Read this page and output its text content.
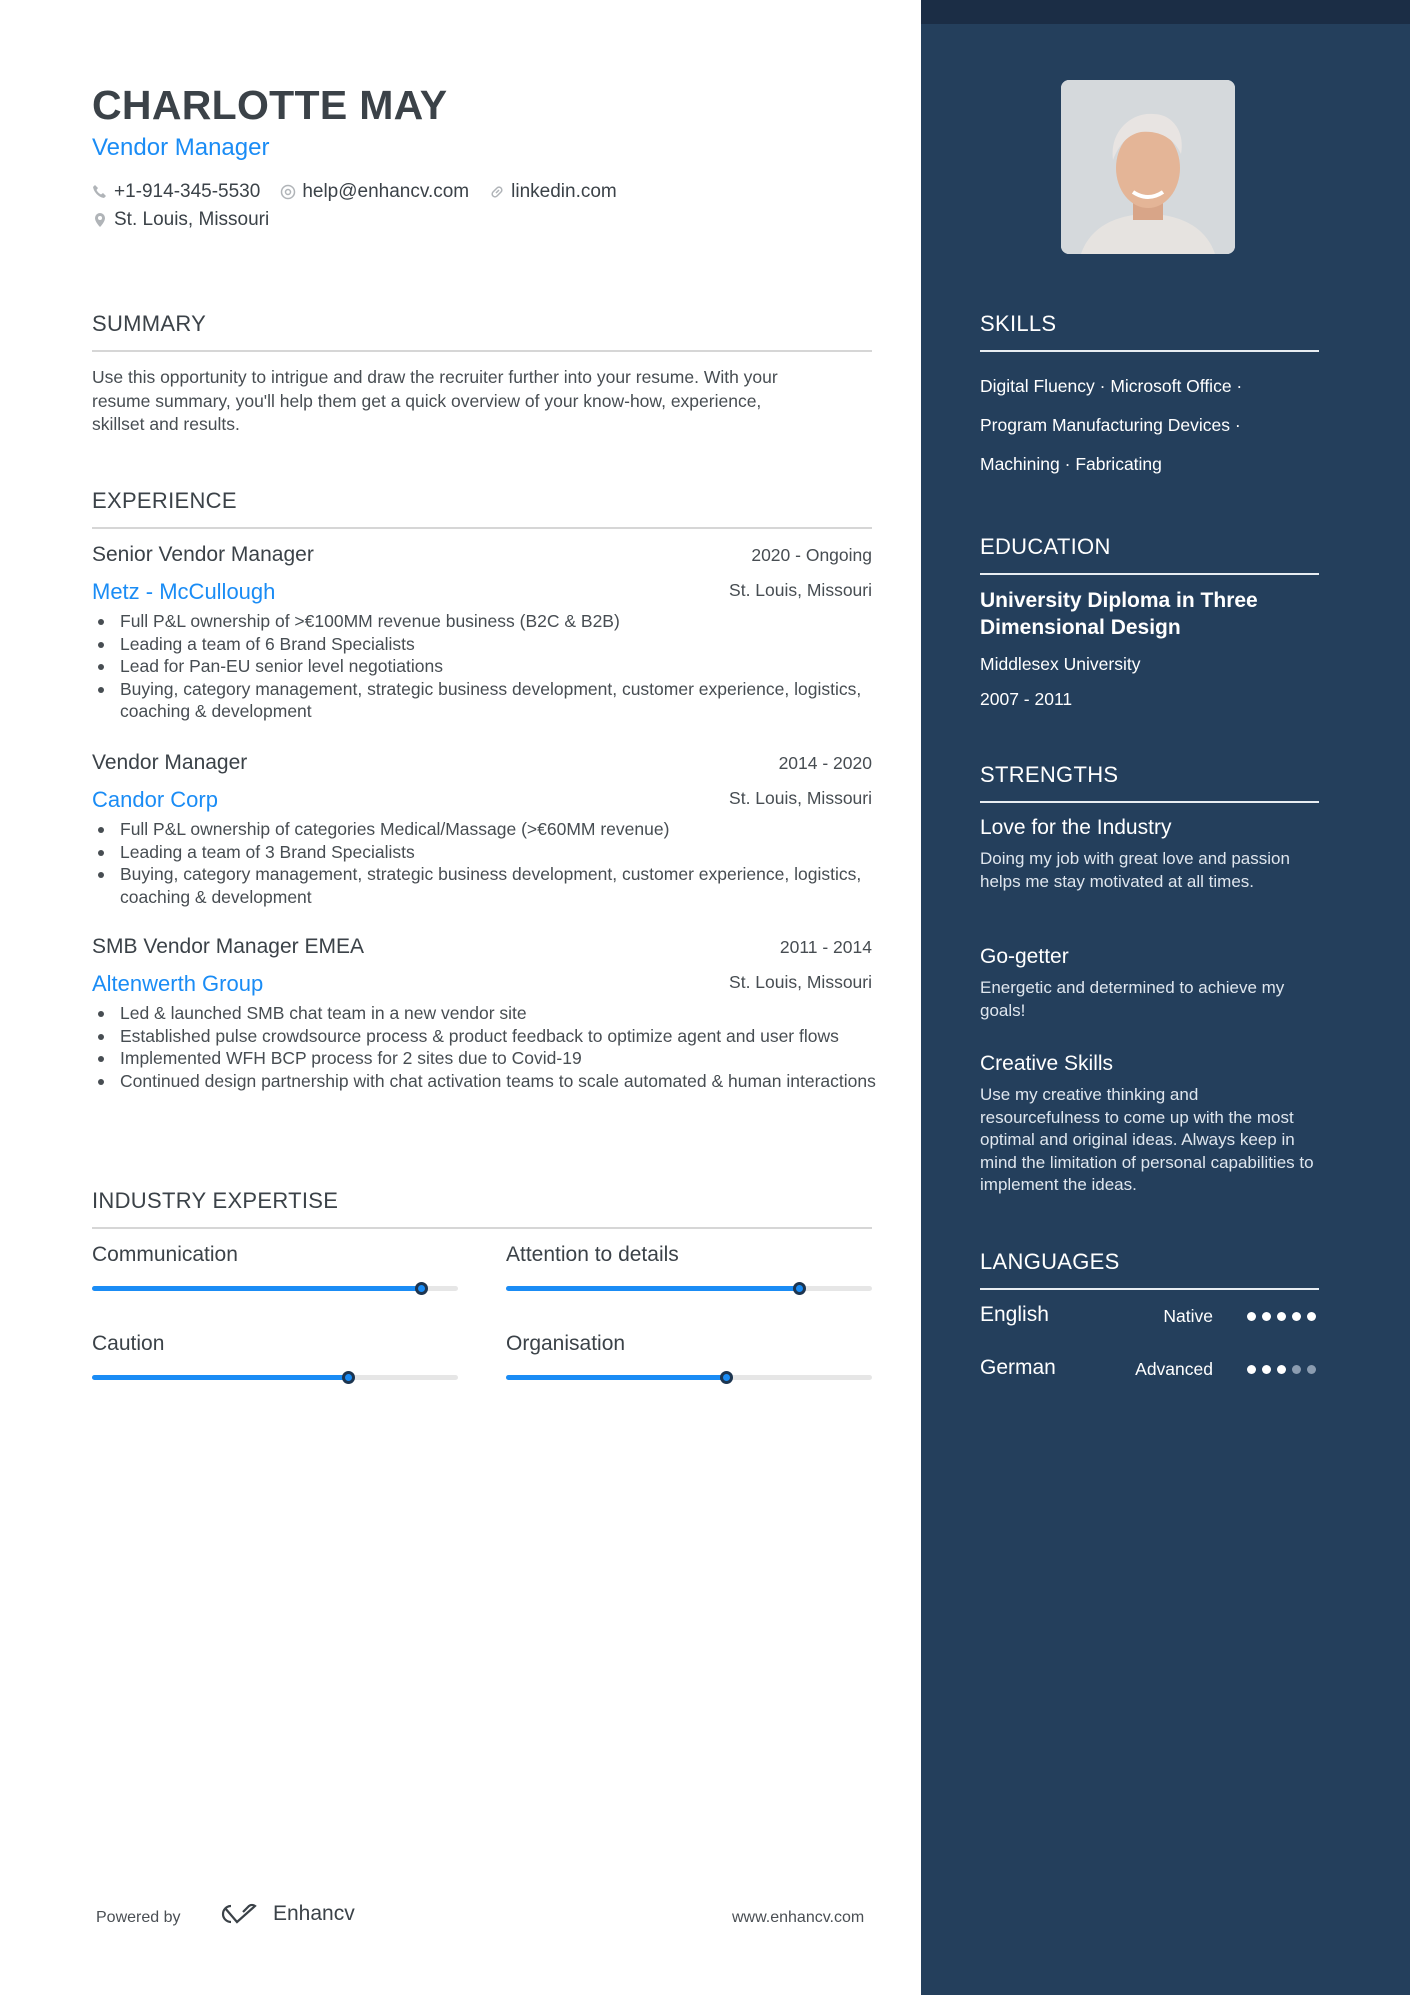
CHARLOTTE MAY
Vendor Manager
+1-914-345-5530 help@enhancv.com linkedin.com
St. Louis, Missouri
SUMMARY
Use this opportunity to intrigue and draw the recruiter further into your resume. With your
resume summary, you'll help them get a quick overview of your know-how, experience,
skillset and results.
EXPERIENCE
Senior Vendor Manager	2020 - Ongoing
Metz - McCullough	St. Louis, Missouri
Full P&L ownership of >€100MM revenue business (B2C & B2B)
Leading a team of 6 Brand Specialists
Lead for Pan-EU senior level negotiations
Buying, category management, strategic business development, customer experience, logistics, coaching & development
Vendor Manager	2014 - 2020
Candor Corp	St. Louis, Missouri
Full P&L ownership of categories Medical/Massage (>€60MM revenue)
Leading a team of 3 Brand Specialists
Buying, category management, strategic business development, customer experience, logistics, coaching & development
SMB Vendor Manager EMEA	2011 - 2014
Altenwerth Group	St. Louis, Missouri
Led & launched SMB chat team in a new vendor site
Established pulse crowdsource process & product feedback to optimize agent and user flows
Implemented WFH BCP process for 2 sites due to Covid-19
Continued design partnership with chat activation teams to scale automated & human interactions
INDUSTRY EXPERTISE
Communication	Attention to details
Caution	Organisation
Powered by	Enhancv	www.enhancv.com
SKILLS
Digital Fluency · Microsoft Office ·
Program Manufacturing Devices ·
Machining · Fabricating
EDUCATION
University Diploma in Three Dimensional Design
Middlesex University
2007 - 2011
STRENGTHS
Love for the Industry
Doing my job with great love and passion helps me stay motivated at all times.
Go-getter
Energetic and determined to achieve my goals!
Creative Skills
Use my creative thinking and resourcefulness to come up with the most optimal and original ideas. Always keep in mind the limitation of personal capabilities to implement the ideas.
LANGUAGES
English	Native
German	Advanced
